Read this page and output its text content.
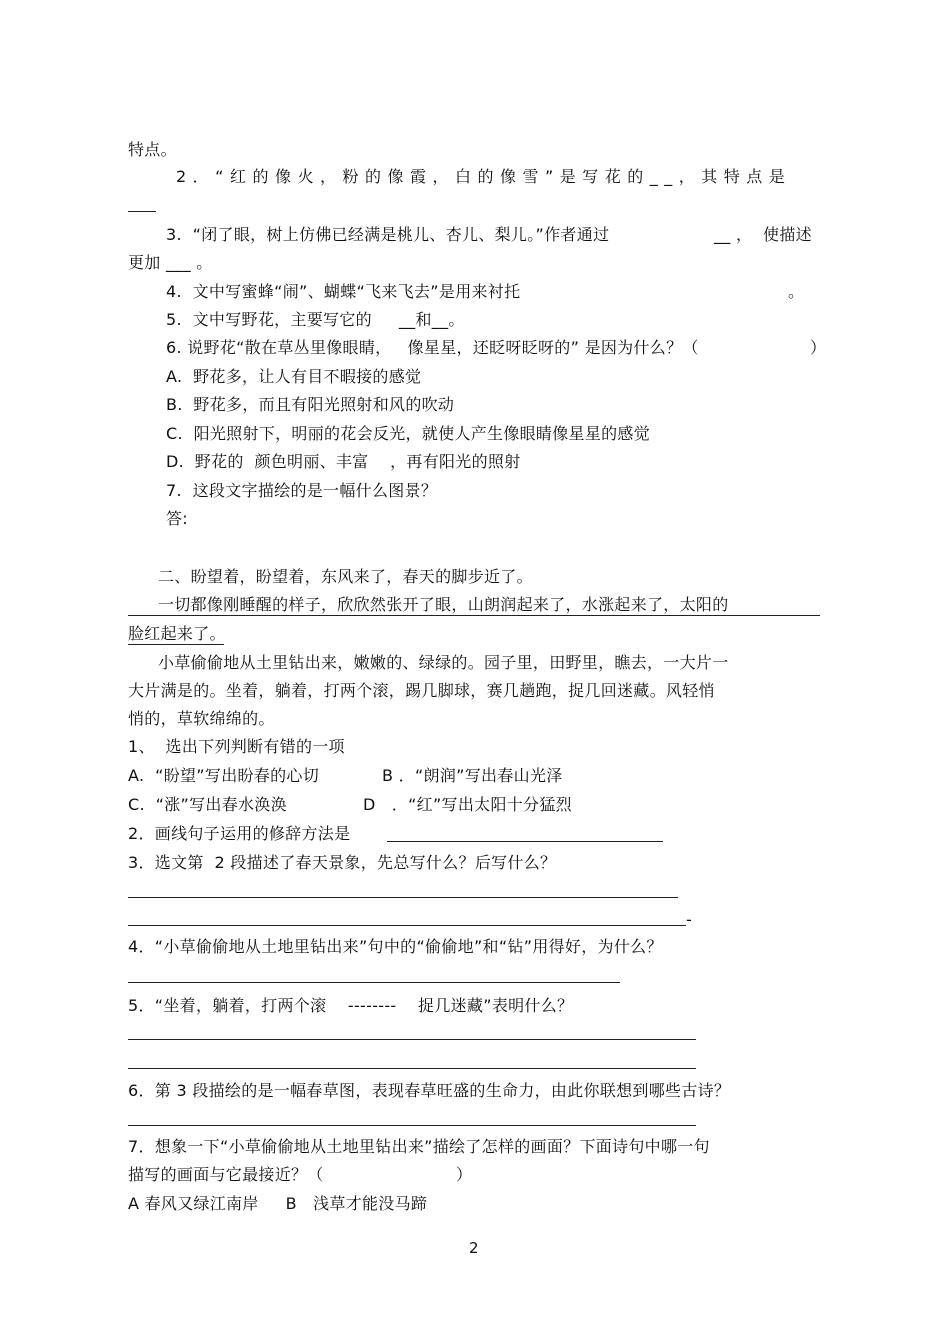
特点。
2．“红的像火，粉的像霞，白的像雪”是写花的__，其特点是
3.  “闭了眼，树上仿佛已经满是桃儿、杏儿、梨儿。”作者通过	__ ，  使描述
更加 ___ 。
4.  文中写蜜蜂“闹”、蝴蝶“飞来飞去”是用来衬托	。
5.  文中写野花，主要写它的     __和__。
6. 说野花“散在草丛里像眼睛，   像星星，还眨呀眨呀的” 是因为什么？（	）
A.  野花多，让人有目不暇接的感觉
B.  野花多，而且有阳光照射和风的吹动
C.  阳光照射下，明丽的花会反光，就使人产生像眼睛像星星的感觉
D.  野花的  颜色明丽、丰富    ，再有阳光的照射
7.  这段文字描绘的是一幅什么图景？
答:
二、盼望着，盼望着，东风来了，春天的脚步近了。
一切都像刚睡醒的样子，欣欣然张开了眼，山朗润起来了，水涨起来了，太阳的
脸红起来了。
小草偷偷地从土里钻出来，嫩嫩的、绿绿的。园子里，田野里，瞧去，一大片一
大片满是的。坐着，躺着，打两个滚，踢几脚球，赛几趟跑，捉几回迷藏。风轻悄
悄的，草软绵绵的。
1、  选出下列判断有错的一项
A.  “盼望”写出盼春的心切	B ．“朗润”写出春山光泽
C.  “涨”写出春水涣涣	D   ．“红”写出太阳十分猛烈
2．画线句子运用的修辞方法是
3．选文第  2 段描述了春天景象，先总写什么？后写什么？
-
4．“小草偷偷地从土地里钻出来”句中的“偷偷地”和“钻”用得好，为什么？
5．“坐着，躺着，打两个滚    --------    捉几迷藏”表明什么？
6．第 3 段描绘的是一幅春草图，表现春草旺盛的生命力，由此你联想到哪些古诗？
7．想象一下“小草偷偷地从土地里钻出来”描绘了怎样的画面？下面诗句中哪一句
描写的画面与它最接近？（	）
A 春风又绿江南岸     B   浅草才能没马蹄
2
